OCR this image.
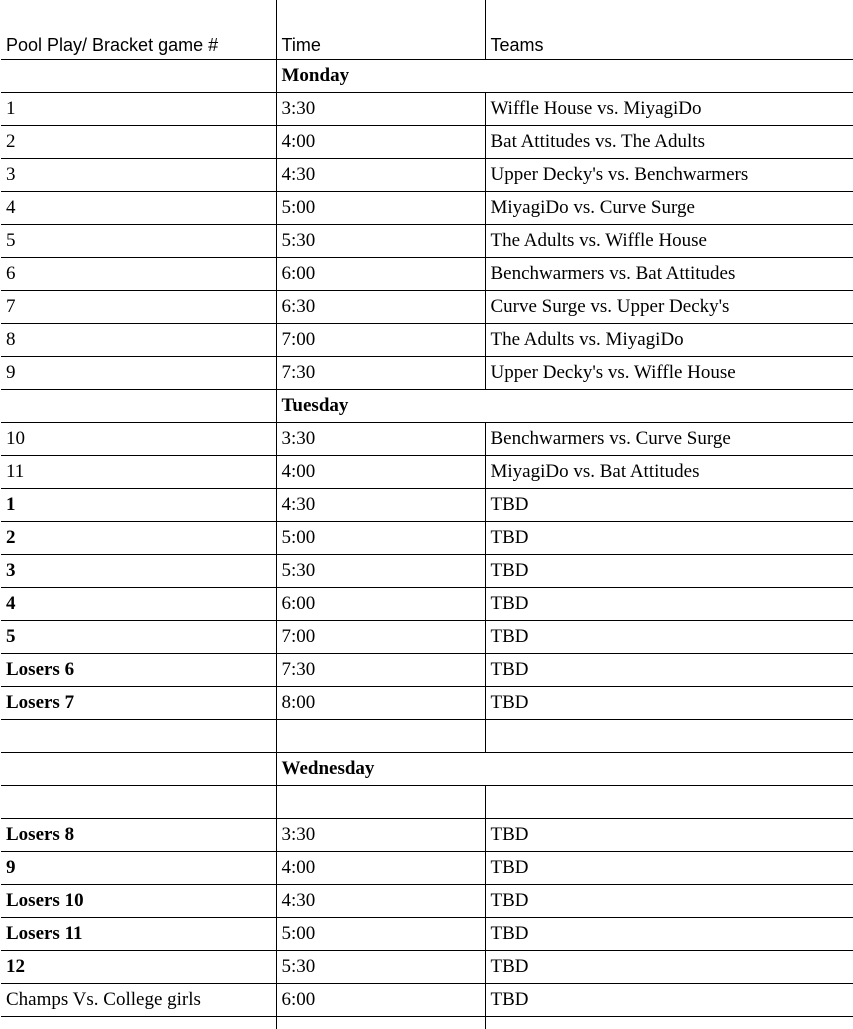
Pool Play/ Bracket game #	Time	Teams
	Monday	
1	3:30	Wiffle House vs. MiyagiDo
2	4:00	Bat Attitudes vs. The Adults
3	4:30	Upper Decky's vs. Benchwarmers
4	5:00	MiyagiDo vs. Curve Surge
5	5:30	The Adults vs. Wiffle House
6	6:00	Benchwarmers vs. Bat Attitudes
7	6:30	Curve Surge vs. Upper Decky's
8	7:00	The Adults vs. MiyagiDo
9	7:30	Upper Decky's vs. Wiffle House
	Tuesday	
10	3:30	Benchwarmers vs. Curve Surge
11	4:00	MiyagiDo vs. Bat Attitudes
1	4:30	TBD
2	5:00	TBD
3	5:30	TBD
4	6:00	TBD
5	7:00	TBD
Losers 6	7:30	TBD
Losers 7	8:00	TBD

	Wednesday	

Losers 8	3:30	TBD
9	4:00	TBD
Losers 10	4:30	TBD
Losers 11	5:00	TBD
12	5:30	TBD
Champs Vs. College girls	6:00	TBD
